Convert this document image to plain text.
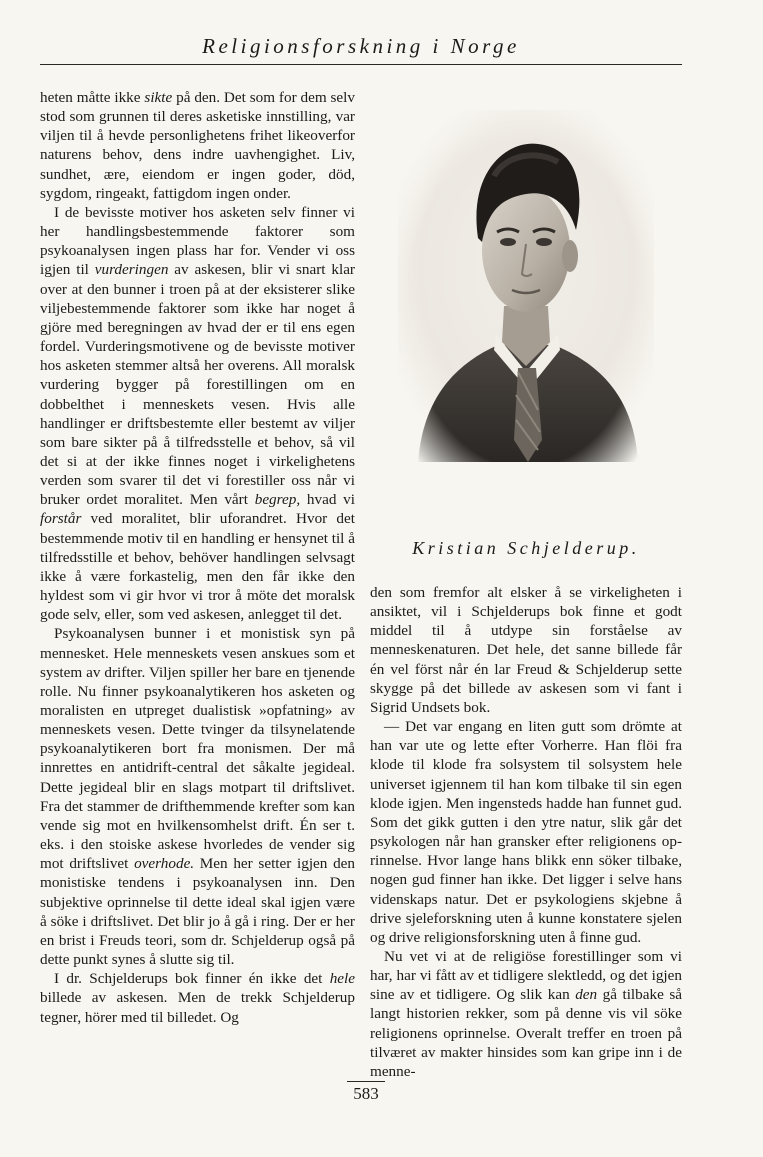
Religionsforskning i Norge

heten måtte ikke sikte på den. Det som for dem selv stod som grunnen til deres asketiske innstilling, var viljen til å hevde personlighetens frihet likeoverfor naturens behov, dens indre uavhengighet. Liv, sundhet, ære, eiendom er ingen goder, död, sygdom, ringeakt, fattigdom ingen onder.

I de bevisste motiver hos asketen selv finner vi her handlingsbestemmende faktorer som psykoanalysen ingen plass har for. Vender vi oss igjen til vurderingen av askesen, blir vi snart klar over at den bunner i troen på at der eksisterer slike viljebestemmende faktorer som ikke har noget å gjöre med beregningen av hvad der er til ens egen fordel. Vurderingsmotivene og de bevisste motiver hos asketen stemmer altså her overens. All moralsk vurdering bygger på forestillingen om en dobbelthet i menneskets vesen. Hvis alle handlinger er driftsbestemte eller bestemt av viljer som bare sikter på å tilfredsstelle et behov, så vil det si at der ikke finnes noget i virkelighetens verden som svarer til det vi forestiller oss når vi bruker ordet moralitet. Men vårt begrep, hvad vi forstår ved moralitet, blir uforandret. Hvor det bestemmende motiv til en handling er hensynet til å tilfredsstille et behov, behöver handlingen selvsagt ikke å være forkastelig, men den får ikke den hyldest som vi gir hvor vi tror å möte det moralsk gode selv, eller, som ved askesen, anlegget til det.

Psykoanalysen bunner i et monistisk syn på mennesket. Hele menneskets vesen anskues som et system av drifter. Viljen spiller her bare en tjenende rolle. Nu finner psykoanalytikeren hos asketen og moralisten en utpreget dualistisk »opfatning» av menneskets vesen. Dette tvinger da tilsynelatende psykoanalytikeren bort fra monismen. Der må innrettes en antidrift-central det såkalte jegideal. Dette jegideal blir en slags motpart til driftslivet. Fra det stammer de drifthemmende krefter som kan vende sig mot en hvilkensomhelst drift. Én ser t. eks. i den stoiske askese hvorledes de vender sig mot driftslivet overhode. Men her setter igjen den monistiske tendens i psykoanalysen inn. Den subjektive oprinnelse til dette ideal skal igjen være å söke i driftslivet. Det blir jo å gå i ring. Der er her en brist i Freuds teori, som dr. Schjelderup også på dette punkt synes å slutte sig til.

I dr. Schjelderups bok finner én ikke det hele billede av askesen. Men de trekk Schjelderup tegner, hörer med til billedet. Og

Kristian Schjelderup.

den som fremfor alt elsker å se virkeligheten i ansiktet, vil i Schjelderups bok finne et godt middel til å utdype sin forståelse av menneskenaturen. Det hele, det sanne billede får én vel först når én lar Freud & Schjelderup sette skygge på det billede av askesen som vi fant i Sigrid Undsets bok.

— Det var engang en liten gutt som drömte at han var ute og lette efter Vorherre. Han flöi fra klode til klode fra solsystem til solsystem hele universet igjennem til han kom tilbake til sin egen klode igjen. Men ingensteds hadde han funnet gud. Som det gikk gutten i den ytre natur, slik går det psykologen når han gransker efter religionens oprinnelse. Hvor lange hans blikk enn söker tilbake, nogen gud finner han ikke. Det ligger i selve hans videnskaps natur. Det er psykologiens skjebne å drive sjeleforskning uten å kunne konstatere sjelen og drive religionsforskning uten å finne gud.

Nu vet vi at de religiöse forestillinger som vi har, har vi fått av et tidligere slektledd, og det igjen sine av et tidligere. Og slik kan den gå tilbake så langt historien rekker, som på denne vis vil söke religionens oprinnelse. Overalt treffer en troen på tilværet av makter hinsides som kan gripe inn i de menne-

583
